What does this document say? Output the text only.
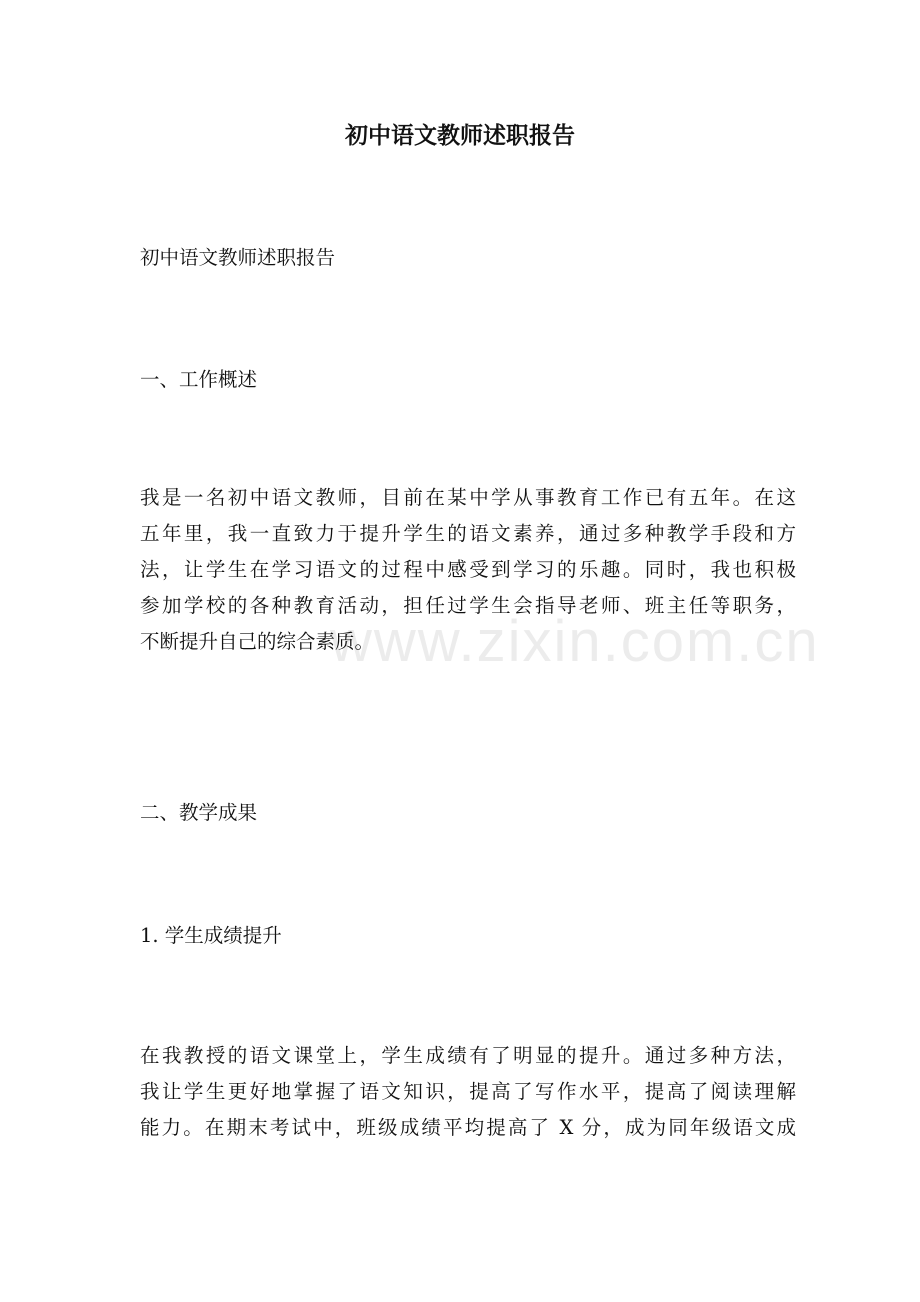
www.zixin.com.cn
初中语文教师述职报告
初中语文教师述职报告
一、工作概述
我是一名初中语文教师，目前在某中学从事教育工作已有五年。在这
五年里，我一直致力于提升学生的语文素养，通过多种教学手段和方
法，让学生在学习语文的过程中感受到学习的乐趣。同时，我也积极
参加学校的各种教育活动，担任过学生会指导老师、班主任等职务，
不断提升自己的综合素质。
二、教学成果
1. 学生成绩提升
在我教授的语文课堂上，学生成绩有了明显的提升。通过多种方法，
我让学生更好地掌握了语文知识，提高了写作水平，提高了阅读理解
能力。在期末考试中，班级成绩平均提高了 X 分，成为同年级语文成
